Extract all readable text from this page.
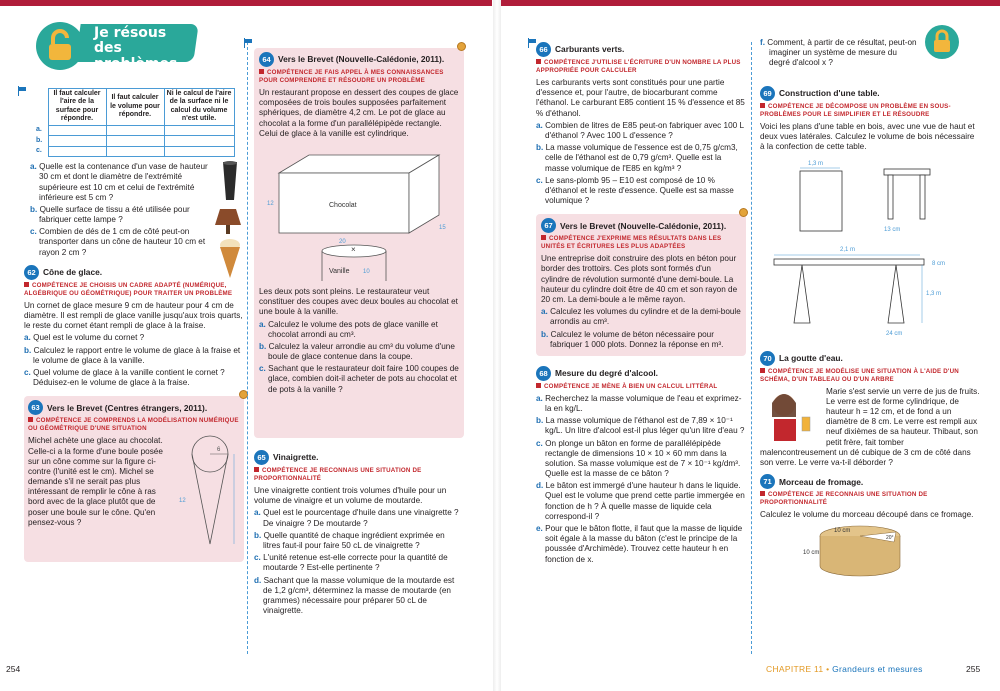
Je résous
des problèmes
	Il faut calculer l'aire de la surface pour répondre.	Il faut calculer le volume pour répondre.	Ni le calcul de l'aire de la surface ni le calcul du volume n'est utile.
a.			
b.			
c.			
a. Quelle est la contenance d'un vase de hauteur 30 cm et dont le diamètre de l'extrémité supérieure est 10 cm et celui de l'extrémité inférieure est 5 cm ?
b. Quelle surface de tissu a été utilisée pour fabriquer cette lampe ?
c. Combien de dés de 1 cm de côté peut-on transporter dans un cône de hauteur 10 cm et rayon 2 cm ?
62 Cône de glace.
COMPÉTENCE JE CHOISIS UN CADRE ADAPTÉ (NUMÉRIQUE, ALGÉBRIQUE OU GÉOMÉTRIQUE) POUR TRAITER UN PROBLÈME
Un cornet de glace mesure 9 cm de hauteur pour 4 cm de diamètre. Il est rempli de glace vanille jusqu'aux trois quarts, le reste du cornet étant rempli de glace à la fraise.
a. Quel est le volume du cornet ?
b. Calculez le rapport entre le volume de glace à la fraise et le volume de glace à la vanille.
c. Quel volume de glace à la vanille contient le cornet ? Déduisez-en le volume de glace à la fraise.
63 Vers le Brevet (Centres étrangers, 2011).
COMPÉTENCE JE COMPRENDS LA MODÉLISATION NUMÉRIQUE OU GÉOMÉTRIQUE D'UNE SITUATION
Michel achète une glace au chocolat. Celle-ci a la forme d'une boule posée sur un cône comme sur la figure ci-contre (l'unité est le cm). Michel se demande s'il ne serait pas plus intéressant de remplir le cône à ras bord avec de la glace plutôt que de poser une boule sur le cône. Qu'en pensez-vous ?
6
12
64 Vers le Brevet (Nouvelle-Calédonie, 2011).
COMPÉTENCE JE FAIS APPEL À MES CONNAISSANCES POUR COMPRENDRE ET RÉSOUDRE UN PROBLÈME
Un restaurant propose en dessert des coupes de glace composées de trois boules supposées parfaitement sphériques, de diamètre 4,2 cm. Le pot de glace au chocolat a la forme d'un parallélépipède rectangle. Celui de glace à la vanille est cylindrique.
Chocolat
12
20
15
×
Vanille 10
Les deux pots sont pleins. Le restaurateur veut constituer des coupes avec deux boules au chocolat et une boule à la vanille.
a. Calculez le volume des pots de glace vanille et chocolat arrondi au cm³.
b. Calculez la valeur arrondie au cm³ du volume d'une boule de glace contenue dans la coupe.
c. Sachant que le restaurateur doit faire 100 coupes de glace, combien doit-il acheter de pots au chocolat et de pots à la vanille ?
65 Vinaigrette.
COMPÉTENCE JE RECONNAIS UNE SITUATION DE PROPORTIONNALITÉ
Une vinaigrette contient trois volumes d'huile pour un volume de vinaigre et un volume de moutarde.
a. Quel est le pourcentage d'huile dans une vinaigrette ? De vinaigre ? De moutarde ?
b. Quelle quantité de chaque ingrédient exprimée en litres faut-il pour faire 50 cL de vinaigrette ?
c. L'unité retenue est-elle correcte pour la quantité de moutarde ? Est-elle pertinente ?
d. Sachant que la masse volumique de la moutarde est de 1,2 g/cm³, déterminez la masse de moutarde (en grammes) nécessaire pour préparer 50 cL de vinaigrette.
66 Carburants verts.
COMPÉTENCE J'UTILISE L'ÉCRITURE D'UN NOMBRE LA PLUS APPROPRIÉE POUR CALCULER
Les carburants verts sont constitués pour une partie d'essence et, pour l'autre, de biocarburant comme l'éthanol. Le carburant E85 contient 15 % d'essence et 85 % d'éthanol.
a. Combien de litres de E85 peut-on fabriquer avec 100 L d'éthanol ? Avec 100 L d'essence ?
b. La masse volumique de l'essence est de 0,75 g/cm3, celle de l'éthanol est de 0,79 g/cm³. Quelle est la masse volumique de l'E85 en kg/m³ ?
c. Le sans-plomb 95 – E10 est composé de 10 % d'éthanol et le reste d'essence. Quelle est sa masse volumique ?
67 Vers le Brevet (Nouvelle-Calédonie, 2011).
COMPÉTENCE J'EXPRIME MES RÉSULTATS DANS LES UNITÉS ET ÉCRITURES LES PLUS ADAPTÉES
Une entreprise doit construire des plots en béton pour border des trottoirs. Ces plots sont formés d'un cylindre de révolution surmonté d'une demi-boule. La hauteur du cylindre doit être de 40 cm et son rayon de 20 cm. La demi-boule a le même rayon.
a. Calculez les volumes du cylindre et de la demi-boule arrondis au cm³.
b. Calculez le volume de béton nécessaire pour fabriquer 1 000 plots. Donnez la réponse en m³.
68 Mesure du degré d'alcool.
COMPÉTENCE JE MÈNE À BIEN UN CALCUL LITTÉRAL
a. Recherchez la masse volumique de l'eau et exprimez-la en kg/L.
b. La masse volumique de l'éthanol est de 7,89 × 10⁻¹ kg/L. Un litre d'alcool est-il plus léger qu'un litre d'eau ?
c. On plonge un bâton en forme de parallélépipède rectangle de dimensions 10 × 10 × 60 mm dans la solution. Sa masse volumique est de 7 × 10⁻¹ kg/dm³. Quelle est la masse de ce bâton ?
d. Le bâton est immergé d'une hauteur h dans le liquide. Quel est le volume que prend cette partie immergée en fonction de h ? À quelle masse de liquide cela correspond-il ?
e. Pour que le bâton flotte, il faut que la masse de liquide soit égale à la masse du bâton (c'est le principe de la poussée d'Archimède). Trouvez cette hauteur h en fonction de x.
f. Comment, à partir de ce résultat, peut-on imaginer un système de mesure du degré d'alcool x ?
69 Construction d'une table.
COMPÉTENCE JE DÉCOMPOSE UN PROBLÈME EN SOUS-PROBLÈMES POUR LE SIMPLIFIER ET LE RÉSOUDRE
Voici les plans d'une table en bois, avec une vue de haut et deux vues latérales. Calculez le volume de bois nécessaire à la confection de cette table.
1,3 m
13 cm
2,1 m
8 cm
1,3 m
24 cm
70 La goutte d'eau.
COMPÉTENCE JE MODÉLISE UNE SITUATION À L'AIDE D'UN SCHÉMA, D'UN TABLEAU OU D'UN ARBRE
Marie s'est servie un verre de jus de fruits. Le verre est de forme cylindrique, de hauteur h = 12 cm, et de fond a un diamètre de 8 cm. Le verre est rempli aux neuf dixièmes de sa hauteur. Thibaut, son petit frère, fait tomber malencontreusement un dé cubique de 3 cm de côté dans son verre. Le verre va-t-il déborder ?
71 Morceau de fromage.
COMPÉTENCE JE RECONNAIS UNE SITUATION DE PROPORTIONNALITÉ
Calculez le volume du morceau découpé dans ce fromage.
10 cm
20°
10 cm
254	CHAPITRE 11 • Grandeurs et mesures	255
